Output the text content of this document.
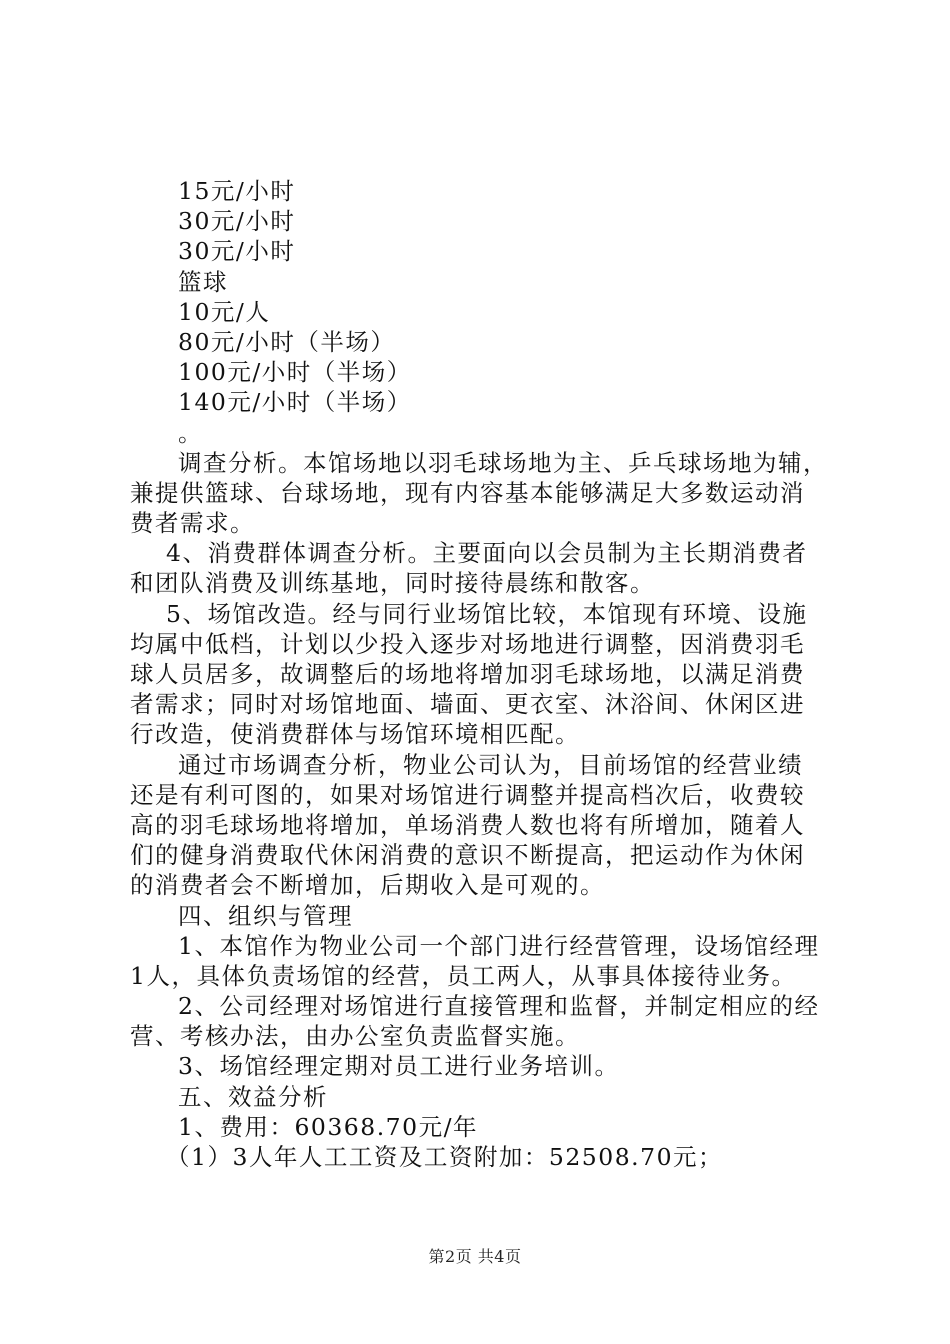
15元/小时
30元/小时
30元/小时
篮球
10元/人
80元/小时（半场）
100元/小时（半场）
140元/小时（半场）
。
调查分析。本馆场地以羽毛球场地为主、乒乓球场地为辅，
兼提供篮球、台球场地，现有内容基本能够满足大多数运动消
费者需求。
4、消费群体调查分析。主要面向以会员制为主长期消费者
和团队消费及训练基地，同时接待晨练和散客。
5、场馆改造。经与同行业场馆比较，本馆现有环境、设施
均属中低档，计划以少投入逐步对场地进行调整，因消费羽毛
球人员居多，故调整后的场地将增加羽毛球场地，以满足消费
者需求；同时对场馆地面、墙面、更衣室、沐浴间、休闲区进
行改造，使消费群体与场馆环境相匹配。
通过市场调查分析，物业公司认为，目前场馆的经营业绩
还是有利可图的，如果对场馆进行调整并提高档次后，收费较
高的羽毛球场地将增加，单场消费人数也将有所增加，随着人
们的健身消费取代休闲消费的意识不断提高，把运动作为休闲
的消费者会不断增加，后期收入是可观的。
四、组织与管理
1、本馆作为物业公司一个部门进行经营管理，设场馆经理
1人，具体负责场馆的经营，员工两人，从事具体接待业务。
2、公司经理对场馆进行直接管理和监督，并制定相应的经
营、考核办法，由办公室负责监督实施。
3、场馆经理定期对员工进行业务培训。
五、效益分析
1、费用：60368.70元/年
（1）3人年人工工资及工资附加：52508.70元；
第2页 共4页
